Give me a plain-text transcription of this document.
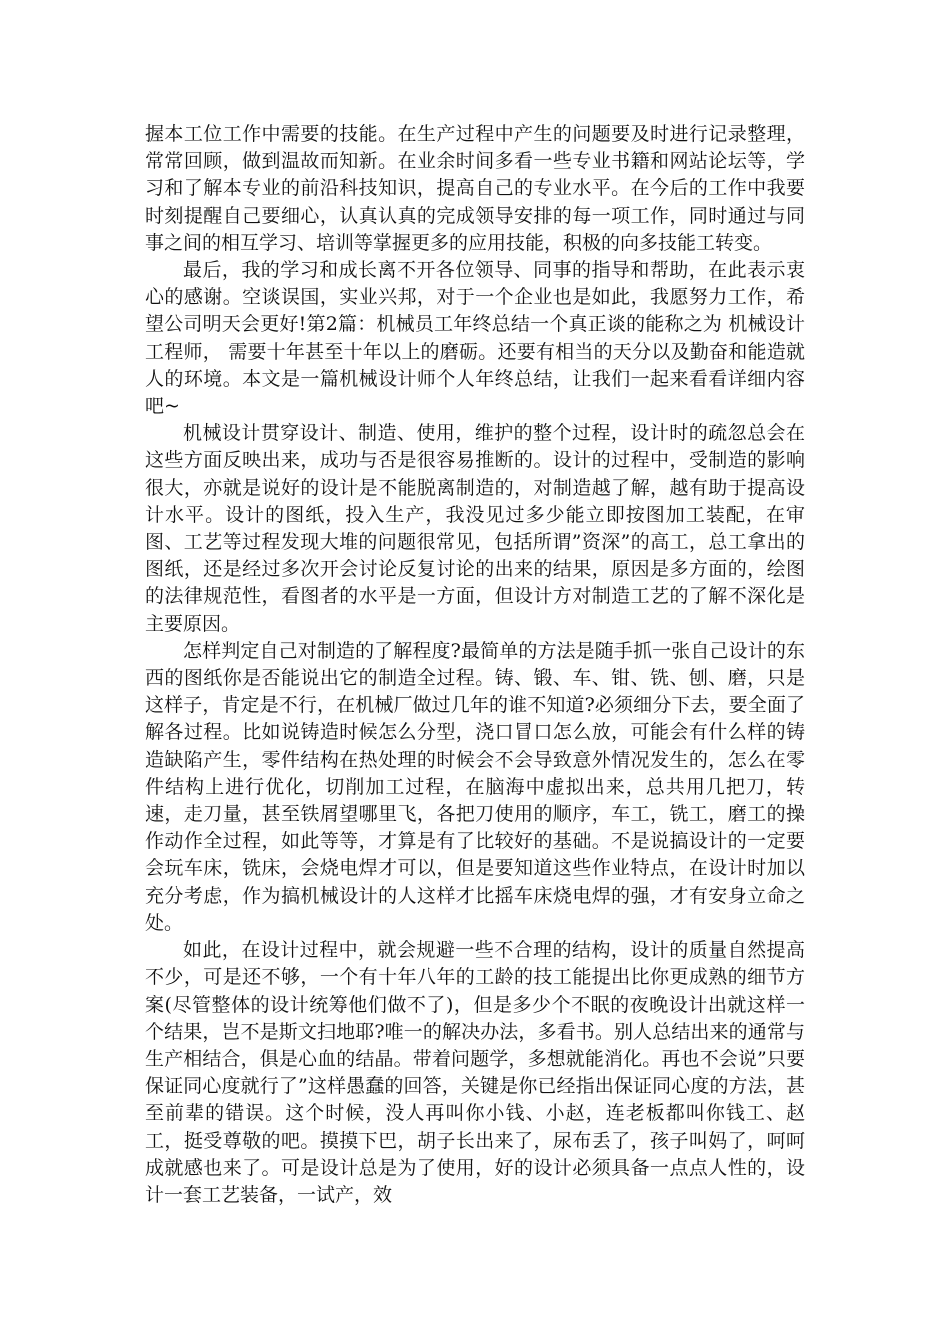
握本工位工作中需要的技能。在生产过程中产生的问题要及时进行记录整理，常常回顾，做到温故而知新。在业余时间多看一些专业书籍和网站论坛等，学习和了解本专业的前沿科技知识，提高自己的专业水平。在今后的工作中我要时刻提醒自己要细心，认真认真的完成领导安排的每一项工作，同时通过与同事之间的相互学习、培训等掌握更多的应用技能，积极的向多技能工转变。

最后，我的学习和成长离不开各位领导、同事的指导和帮助，在此表示衷心的感谢。空谈误国，实业兴邦，对于一个企业也是如此，我愿努力工作，希望公司明天会更好!第2篇：机械员工年终总结一个真正谈的能称之为 机械设计工程师， 需要十年甚至十年以上的磨砺。还要有相当的天分以及勤奋和能造就人的环境。本文是一篇机械设计师个人年终总结，让我们一起来看看详细内容吧~

机械设计贯穿设计、制造、使用，维护的整个过程，设计时的疏忽总会在这些方面反映出来，成功与否是很容易推断的。设计的过程中，受制造的影响很大，亦就是说好的设计是不能脱离制造的，对制造越了解，越有助于提高设计水平。设计的图纸，投入生产，我没见过多少能立即按图加工装配，在审图、工艺等过程发现大堆的问题很常见，包括所谓”资深”的高工，总工拿出的图纸，还是经过多次开会讨论反复讨论的出来的结果，原因是多方面的，绘图的法律规范性，看图者的水平是一方面，但设计方对制造工艺的了解不深化是主要原因。

怎样判定自己对制造的了解程度?最简单的方法是随手抓一张自己设计的东西的图纸你是否能说出它的制造全过程。铸、锻、车、钳、铣、刨、磨，只是这样子，肯定是不行，在机械厂做过几年的谁不知道?必须细分下去，要全面了解各过程。比如说铸造时候怎么分型，浇口冒口怎么放，可能会有什么样的铸造缺陷产生，零件结构在热处理的时候会不会导致意外情况发生的，怎么在零件结构上进行优化，切削加工过程，在脑海中虚拟出来，总共用几把刀，转速，走刀量，甚至铁屑望哪里飞，各把刀使用的顺序，车工，铣工，磨工的操作动作全过程，如此等等，才算是有了比较好的基础。不是说搞设计的一定要会玩车床，铣床，会烧电焊才可以，但是要知道这些作业特点，在设计时加以充分考虑，作为搞机械设计的人这样才比摇车床烧电焊的强，才有安身立命之处。

如此，在设计过程中，就会规避一些不合理的结构，设计的质量自然提高不少，可是还不够，一个有十年八年的工龄的技工能提出比你更成熟的细节方案(尽管整体的设计统筹他们做不了)，但是多少个不眠的夜晚设计出就这样一个结果，岂不是斯文扫地耶?唯一的解决办法，多看书。别人总结出来的通常与生产相结合，俱是心血的结晶。带着问题学，多想就能消化。再也不会说”只要保证同心度就行了”这样愚蠢的回答，关键是你已经指出保证同心度的方法，甚至前辈的错误。这个时候，没人再叫你小钱、小赵，连老板都叫你钱工、赵工，挺受尊敬的吧。摸摸下巴，胡子长出来了，尿布丢了，孩子叫妈了，呵呵成就感也来了。可是设计总是为了使用，好的设计必须具备一点点人性的，设计一套工艺装备，一试产，效
